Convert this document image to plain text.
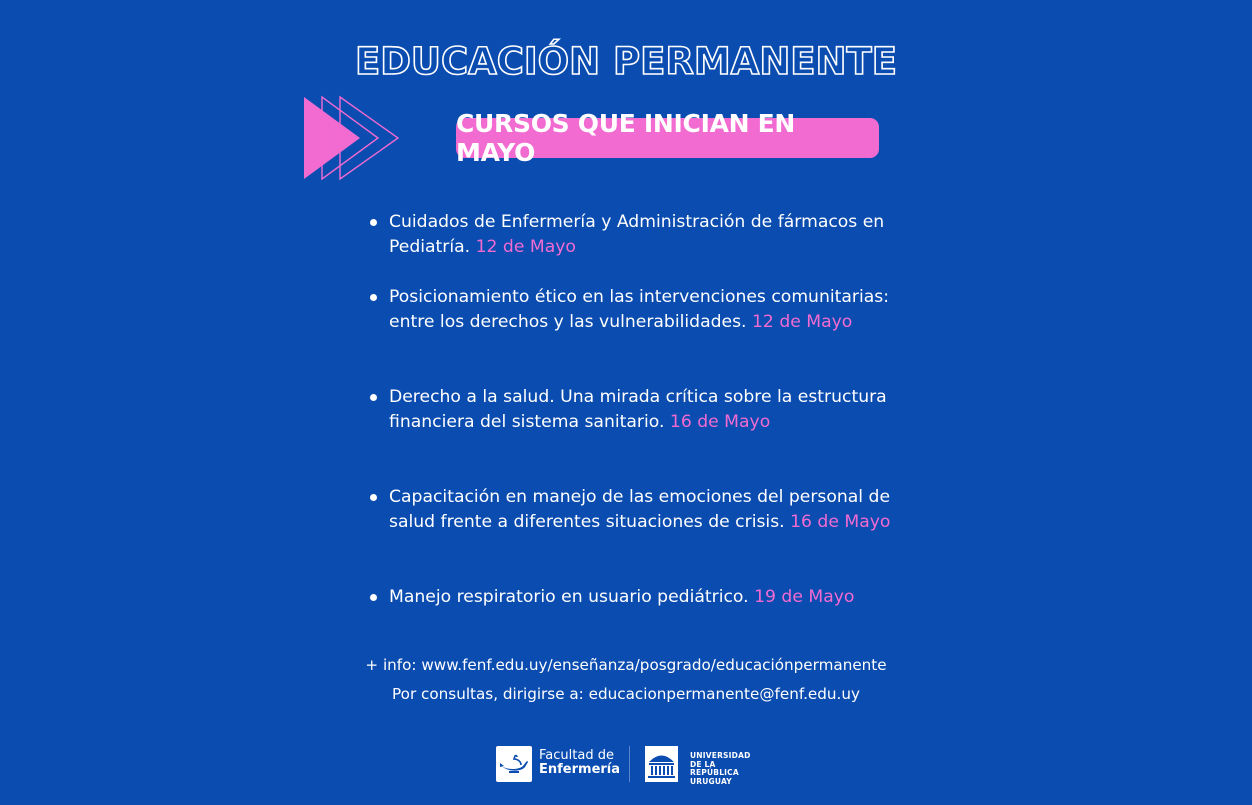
EDUCACIÓN PERMANENTE
CURSOS QUE INICIAN EN MAYO
Cuidados de Enfermería y Administración de fármacos en
Pediatría. 12 de Mayo
Posicionamiento ético en las intervenciones comunitarias:
entre los derechos y las vulnerabilidades. 12 de Mayo
Derecho a la salud. Una mirada crítica sobre la estructura
financiera del sistema sanitario. 16 de Mayo
Capacitación en manejo de las emociones del personal de
salud frente a diferentes situaciones de crisis. 16 de Mayo
Manejo respiratorio en usuario pediátrico. 19 de Mayo
+ info: www.fenf.edu.uy/enseñanza/posgrado/educaciónpermanente
Por consultas, dirigirse a: educacionpermanente@fenf.edu.uy
Facultad de
Enfermería
UNIVERSIDAD
DE LA REPÚBLICA
URUGUAY
